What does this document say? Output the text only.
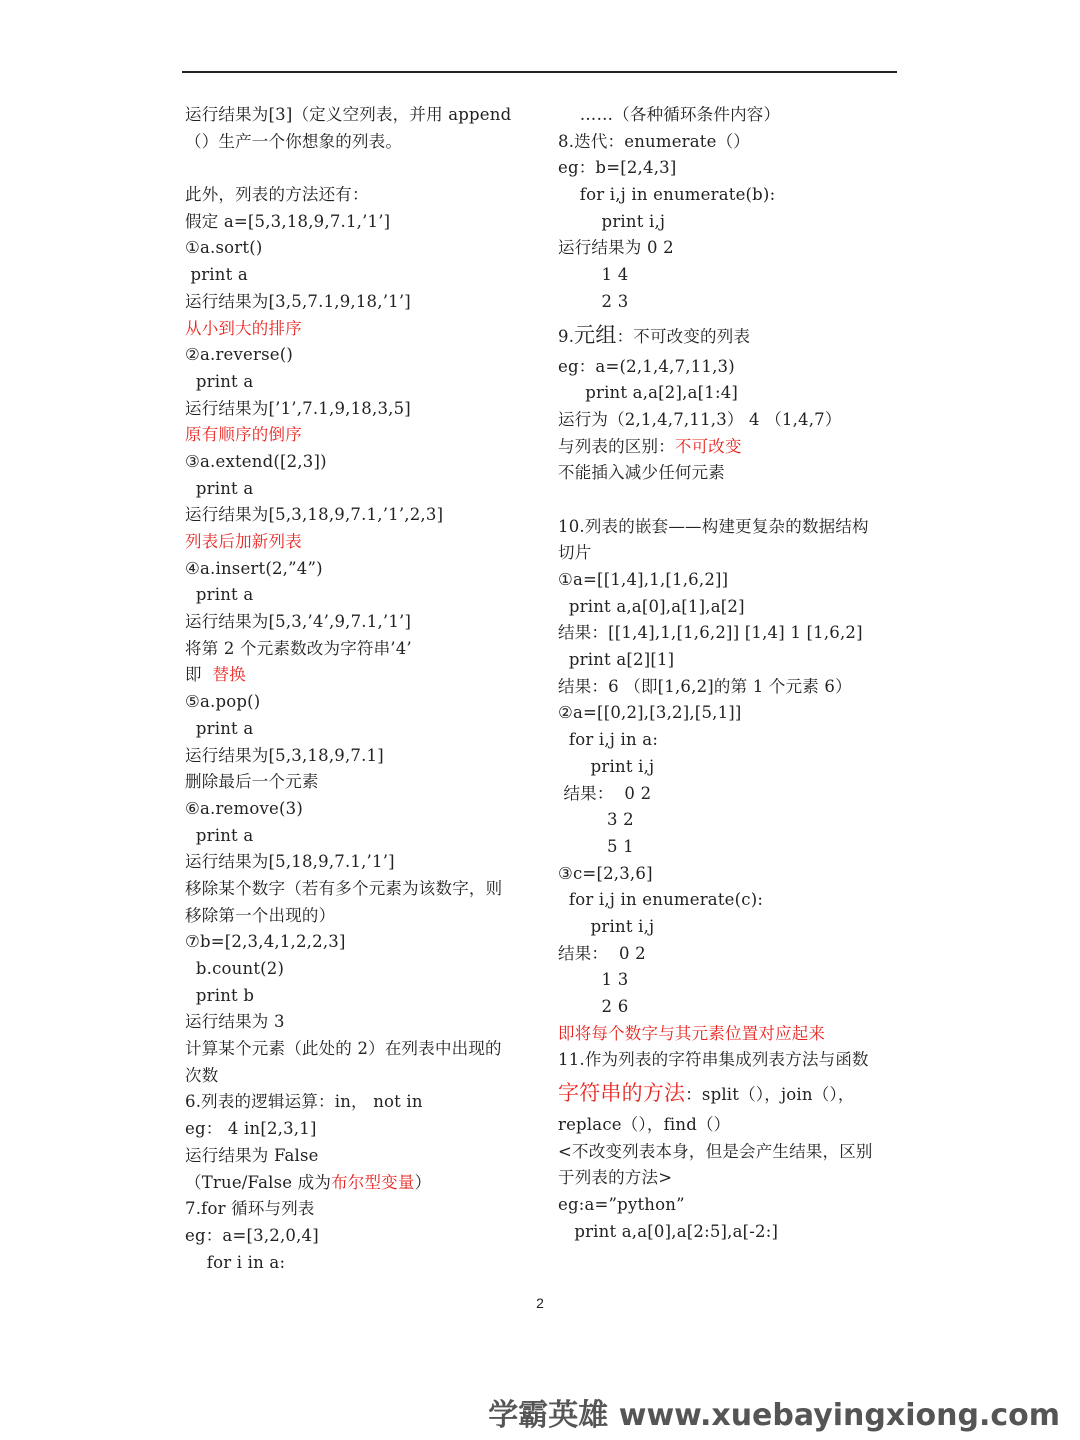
运行结果为[3]（定义空列表，并用 append
（）生产一个你想象的列表。
此外，列表的方法还有：
假定 a=[5,3,18,9,7.1,’1’]
①a.sort()
print a
运行结果为[3,5,7.1,9,18,’1’]
从小到大的排序
②a.reverse()
print a
运行结果为[’1’,7.1,9,18,3,5]
原有顺序的倒序
③a.extend([2,3])
print a
运行结果为[5,3,18,9,7.1,’1’,2,3]
列表后加新列表
④a.insert(2,”4”)
print a
运行结果为[5,3,’4’,9,7.1,’1’]
将第 2 个元素数改为字符串’4’
即 替换
⑤a.pop()
print a
运行结果为[5,3,18,9,7.1]
删除最后一个元素
⑥a.remove(3)
print a
运行结果为[5,18,9,7.1,’1’]
移除某个数字（若有多个元素为该数字，则
移除第一个出现的）
⑦b=[2,3,4,1,2,2,3]
b.count(2)
print b
运行结果为 3
计算某个元素（此处的 2）在列表中出现的
次数
6.列表的逻辑运算：in， not in
eg： 4 in[2,3,1]
运行结果为 False
（True/False 成为布尔型变量）
7.for 循环与列表
eg：a=[3,2,0,4]
for i in a:
……（各种循环条件内容）
8.迭代：enumerate（）
eg：b=[2,4,3]
for i,j in enumerate(b):
print i,j
运行结果为 0 2
1 4
2 3
9.元组：不可改变的列表
eg：a=(2,1,4,7,11,3)
print a,a[2],a[1:4]
运行为（2,1,4,7,11,3） 4 （1,4,7）
与列表的区别：不可改变
不能插入减少任何元素
10.列表的嵌套——构建更复杂的数据结构
切片
①a=[[1,4],1,[1,6,2]]
print a,a[0],a[1],a[2]
结果：[[1,4],1,[1,6,2]] [1,4] 1 [1,6,2]
print a[2][1]
结果：6 （即[1,6,2]的第 1 个元素 6）
②a=[[0,2],[3,2],[5,1]]
for i,j in a:
print i,j
结果：  0 2
3 2
5 1
③c=[2,3,6]
for i,j in enumerate(c):
print i,j
结果：  0 2
1 3
2 6
即将每个数字与其元素位置对应起来
11.作为列表的字符串集成列表方法与函数
字符串的方法：split（），join（），
replace（），find（）
<不改变列表本身，但是会产生结果，区别
于列表的方法>
eg:a=”python”
print a,a[0],a[2:5],a[-2:]
2
学霸英雄 www.xuebayingxiong.com
